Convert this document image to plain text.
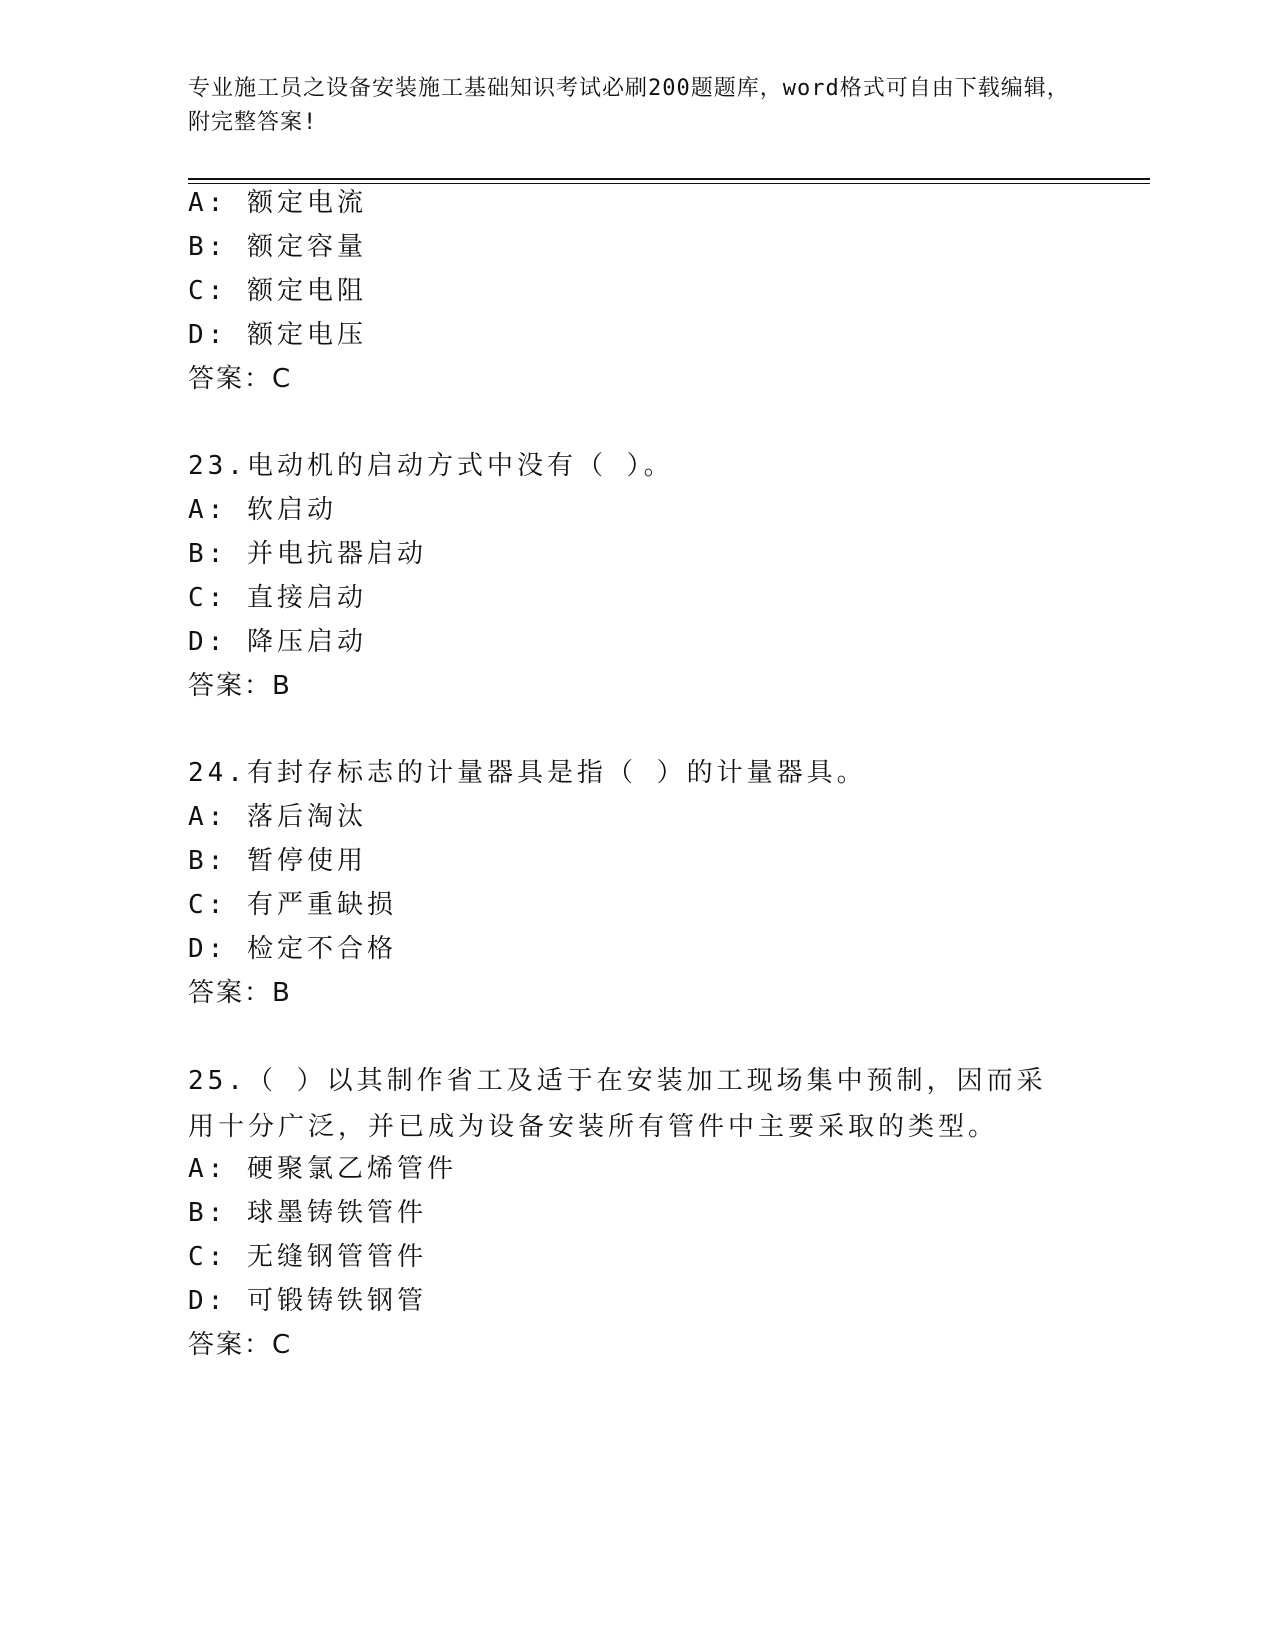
专业施工员之设备安装施工基础知识考试必刷200题题库，word格式可自由下载编辑，附完整答案!
A: 额定电流
B: 额定容量
C: 额定电阻
D: 额定电压
答案：C
23.电动机的启动方式中没有（ ）。
A: 软启动
B: 并电抗器启动
C: 直接启动
D: 降压启动
答案：B
24.有封存标志的计量器具是指（ ）的计量器具。
A: 落后淘汰
B: 暂停使用
C: 有严重缺损
D: 检定不合格
答案：B
25.（ ）以其制作省工及适于在安装加工现场集中预制，因而采用十分广泛，并已成为设备安装所有管件中主要采取的类型。
A: 硬聚氯乙烯管件
B: 球墨铸铁管件
C: 无缝钢管管件
D: 可锻铸铁钢管
答案：C
